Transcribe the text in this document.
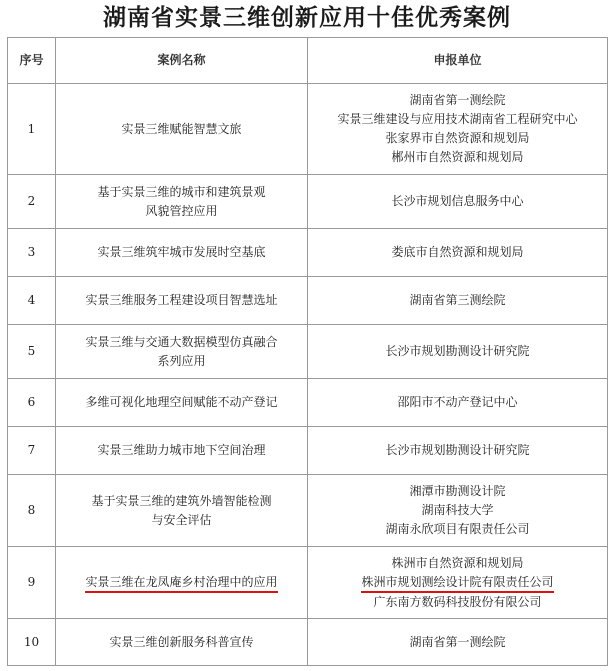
湖南省实景三维创新应用十佳优秀案例
序号	案例名称	申报单位
1	实景三维赋能智慧文旅	湖南省第一测绘院
实景三维建设与应用技术湖南省工程研究中心
张家界市自然资源和规划局
郴州市自然资源和规划局

2	基于实景三维的城市和建筑景观
风貌管控应用	长沙市规划信息服务中心

3	实景三维筑牢城市发展时空基底	娄底市自然资源和规划局

4	实景三维服务工程建设项目智慧选址	湖南省第三测绘院

5	实景三维与交通大数据模型仿真融合
系列应用	长沙市规划勘测设计研究院

6	多维可视化地理空间赋能不动产登记	邵阳市不动产登记中心

7	实景三维助力城市地下空间治理	长沙市规划勘测设计研究院

8	基于实景三维的建筑外墙智能检测
与安全评估	湘潭市勘测设计院
湖南科技大学
湖南永欣项目有限责任公司

9	实景三维在龙凤庵乡村治理中的应用	株洲市自然资源和规划局
株洲市规划测绘设计院有限责任公司
广东南方数码科技股份有限公司

10	实景三维创新服务科普宣传	湖南省第一测绘院
